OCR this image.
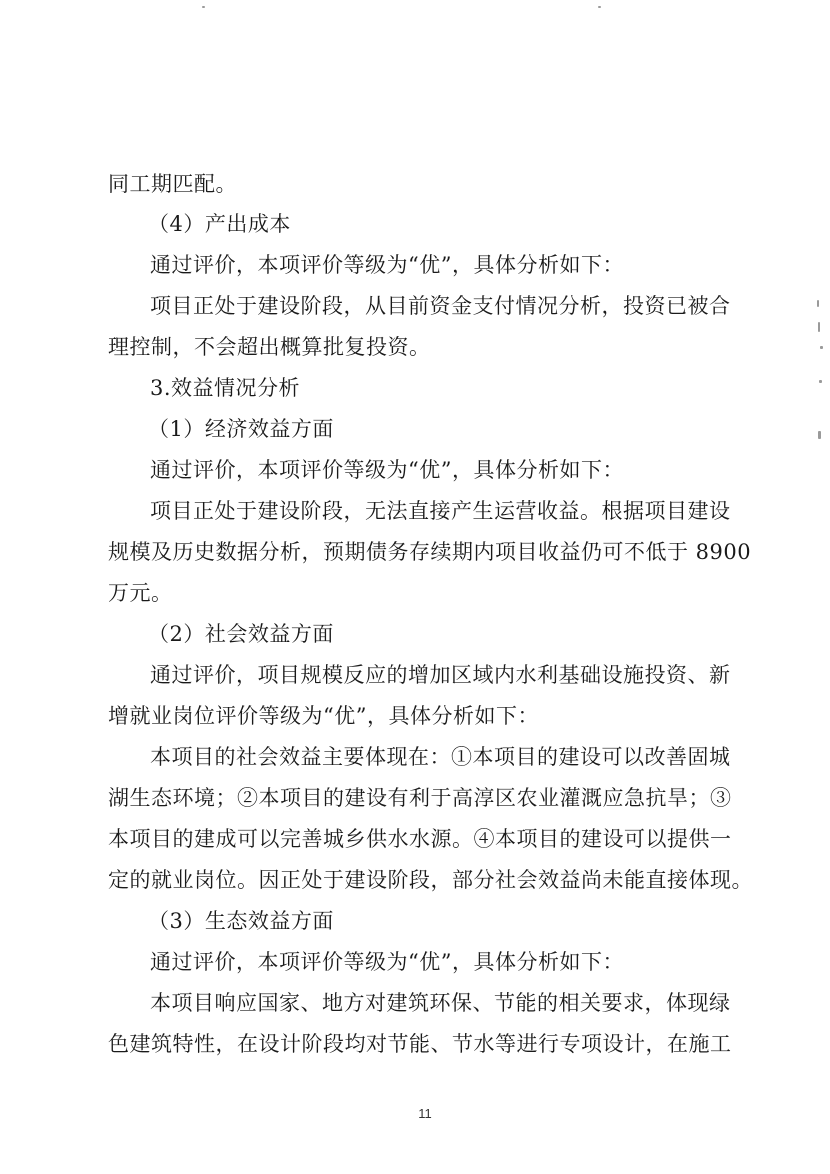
同工期匹配。
（4）产出成本
通过评价，本项评价等级为“优”，具体分析如下：
项目正处于建设阶段，从目前资金支付情况分析，投资已被合
理控制，不会超出概算批复投资。
3.效益情况分析
（1）经济效益方面
通过评价，本项评价等级为“优”，具体分析如下：
项目正处于建设阶段，无法直接产生运营收益。根据项目建设
规模及历史数据分析，预期债务存续期内项目收益仍可不低于 8900
万元。
（2）社会效益方面
通过评价，项目规模反应的增加区域内水利基础设施投资、新
增就业岗位评价等级为“优”，具体分析如下：
本项目的社会效益主要体现在：①本项目的建设可以改善固城
湖生态环境；②本项目的建设有利于高淳区农业灌溉应急抗旱；③
本项目的建成可以完善城乡供水水源。④本项目的建设可以提供一
定的就业岗位。因正处于建设阶段，部分社会效益尚未能直接体现。
（3）生态效益方面
通过评价，本项评价等级为“优”，具体分析如下：
本项目响应国家、地方对建筑环保、节能的相关要求，体现绿
色建筑特性，在设计阶段均对节能、节水等进行专项设计，在施工
11
